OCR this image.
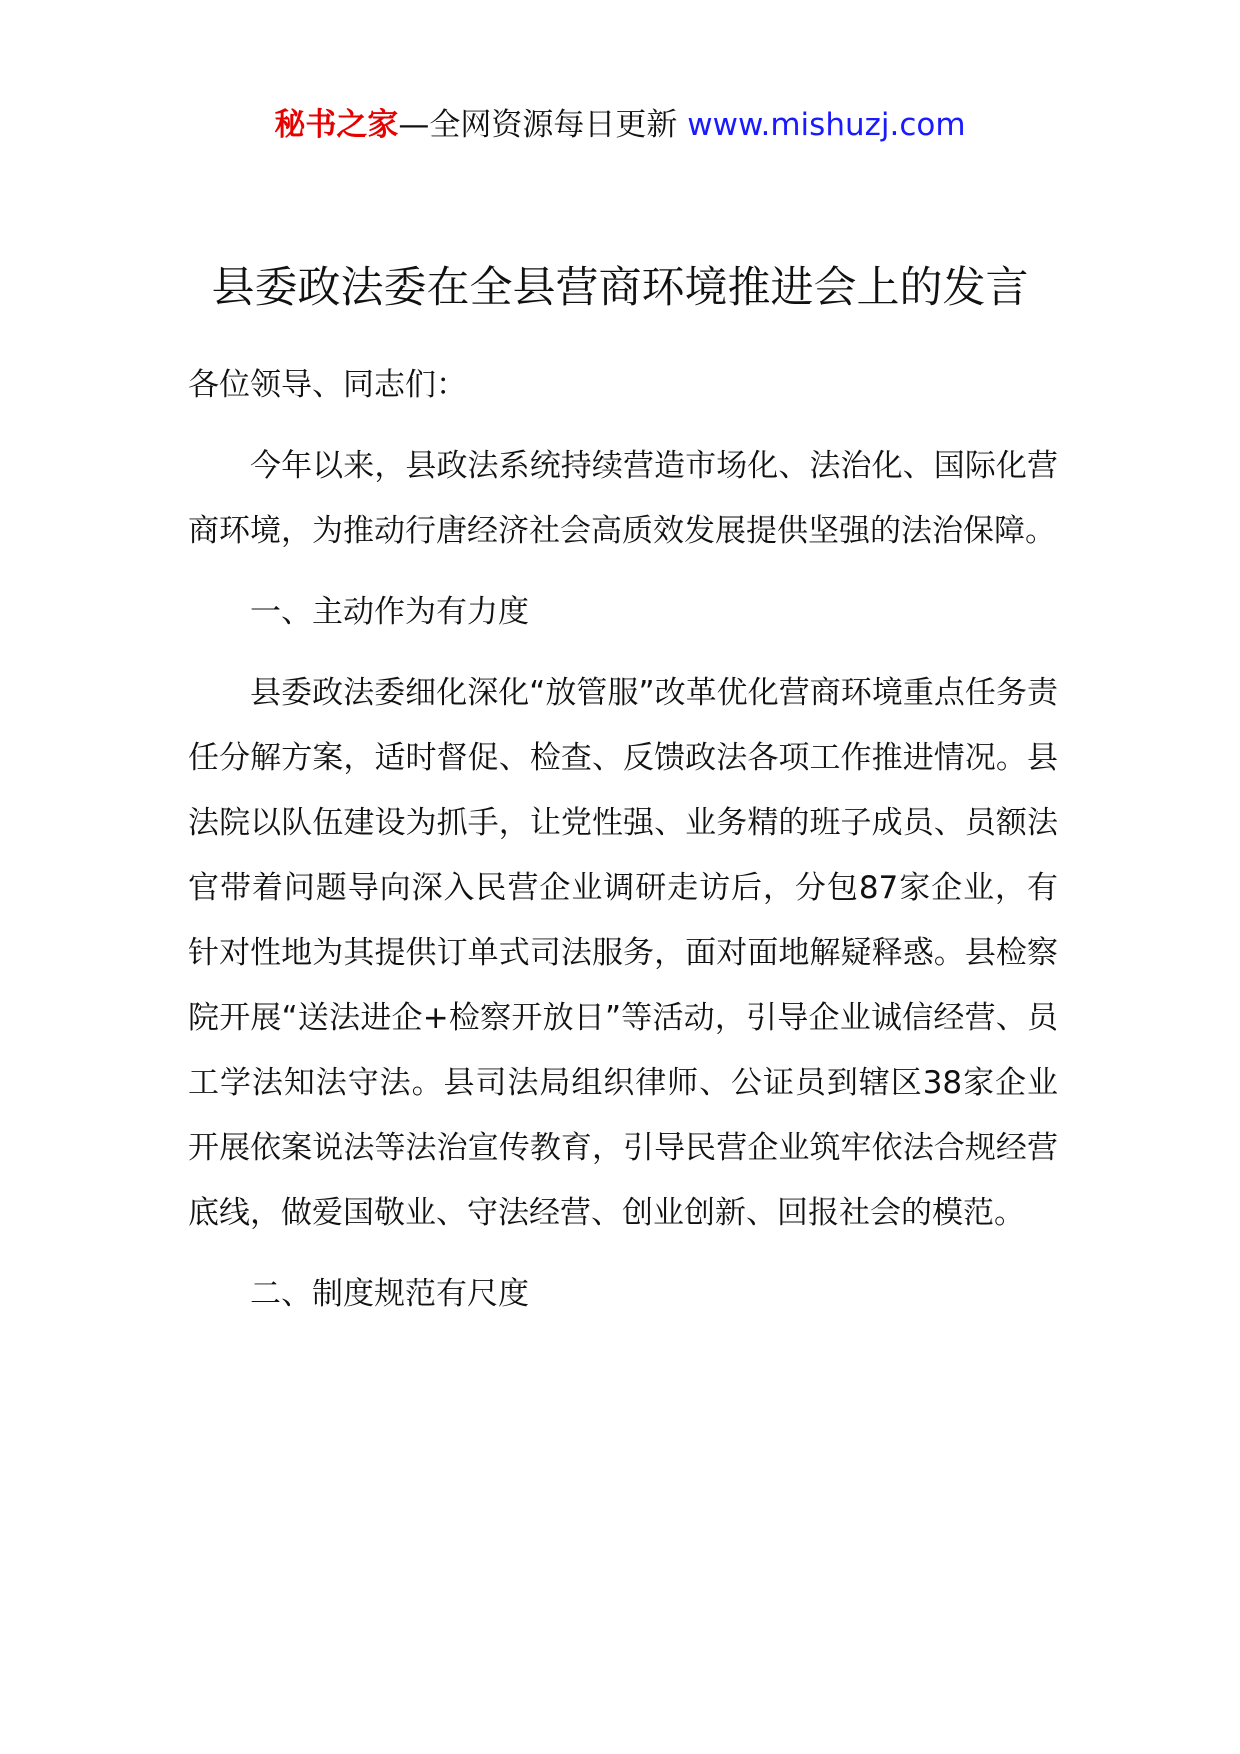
秘书之家—全网资源每日更新 www.mishuzj.com
县委政法委在全县营商环境推进会上的发言

各位领导、同志们：

今年以来，县政法系统持续营造市场化、法治化、国际化营商环境，为推动行唐经济社会高质效发展提供坚强的法治保障。

一、主动作为有力度

县委政法委细化深化“放管服”改革优化营商环境重点任务责任分解方案，适时督促、检查、反馈政法各项工作推进情况。县法院以队伍建设为抓手，让党性强、业务精的班子成员、员额法官带着问题导向深入民营企业调研走访后，分包87家企业，有针对性地为其提供订单式司法服务，面对面地解疑释惑。县检察院开展“送法进企+检察开放日”等活动，引导企业诚信经营、员工学法知法守法。县司法局组织律师、公证员到辖区38家企业开展依案说法等法治宣传教育，引导民营企业筑牢依法合规经营底线，做爱国敬业、守法经营、创业创新、回报社会的模范。

二、制度规范有尺度
